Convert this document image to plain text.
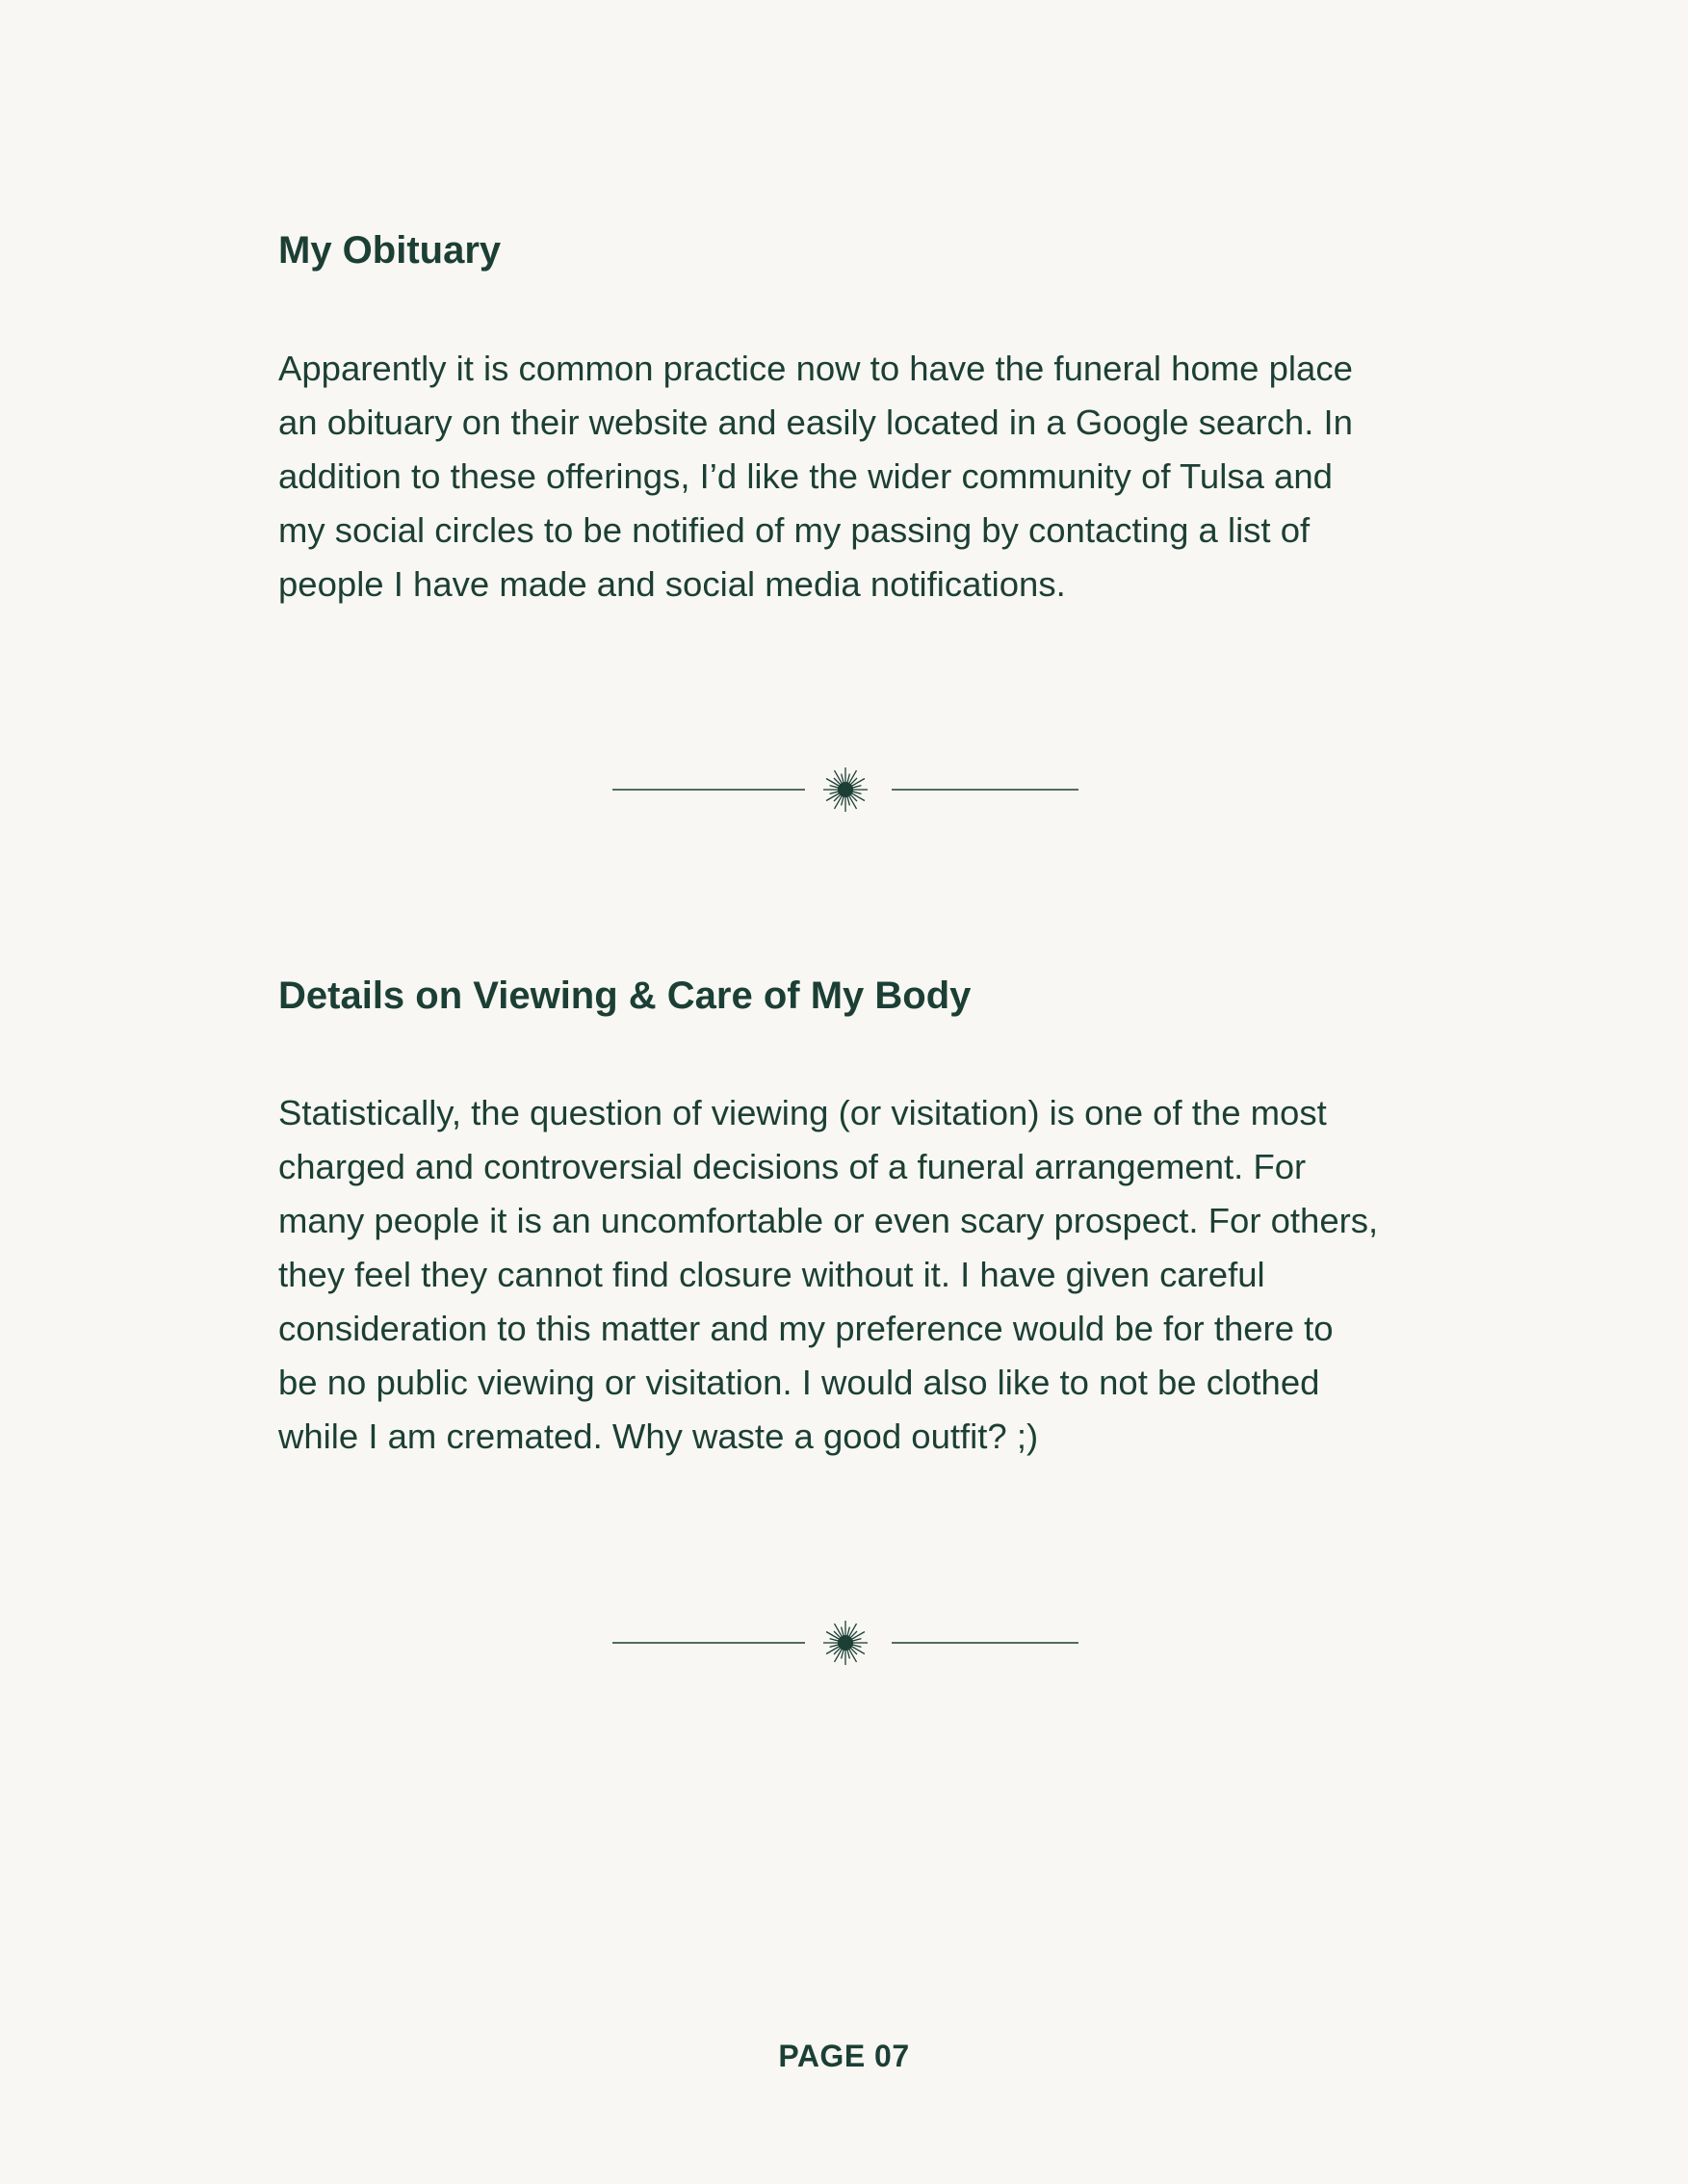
My Obituary
Apparently it is common practice now to have the funeral home place
an obituary on their website and easily located in a Google search. In
addition to these offerings, I’d like the wider community of Tulsa and
my social circles to be notified of my passing by contacting a list of
people I have made and social media notifications.
Details on Viewing & Care of My Body
Statistically, the question of viewing (or visitation) is one of the most
charged and controversial decisions of a funeral arrangement. For
many people it is an uncomfortable or even scary prospect. For others,
they feel they cannot find closure without it. I have given careful
consideration to this matter and my preference would be for there to
be no public viewing or visitation. I would also like to not be clothed
while I am cremated. Why waste a good outfit? ;)
PAGE 07
